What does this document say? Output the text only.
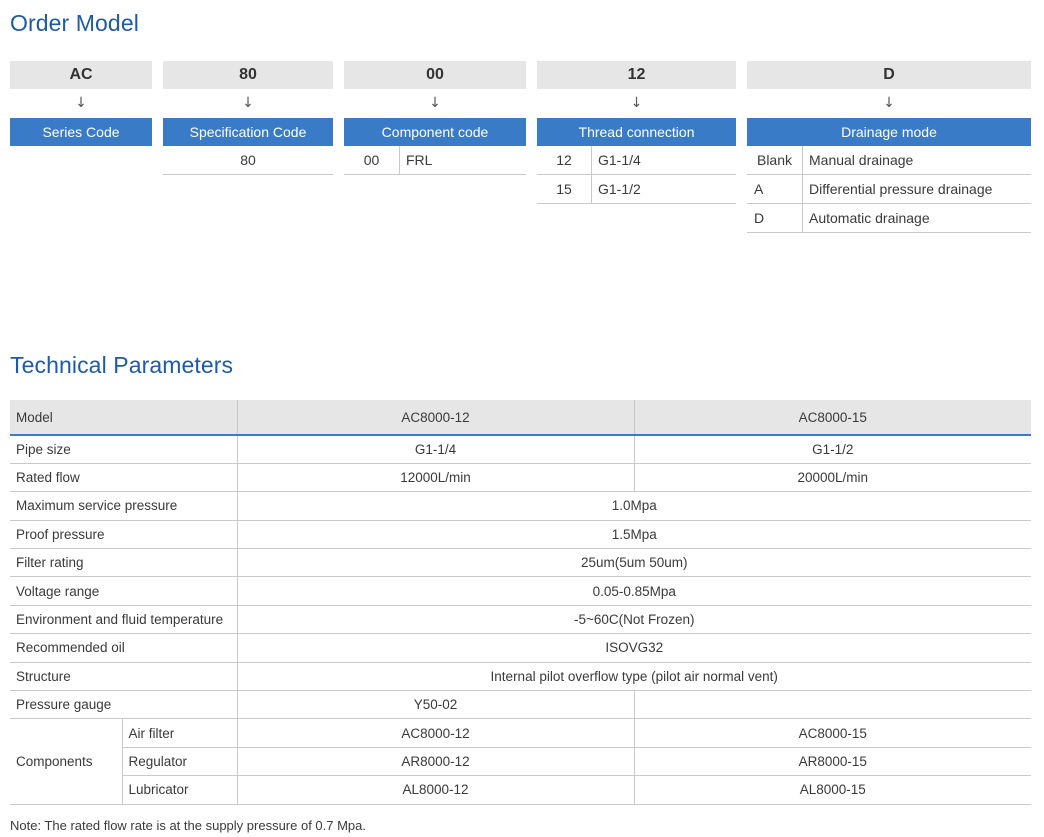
Order Model
AC
↓
Series Code
80
↓
Specification Code
80
00
↓
Component code
00	FRL
12
↓
Thread connection
12	G1-1/4
15	G1-1/2
D
↓
Drainage mode
Blank	Manual drainage
A	Differential pressure drainage
D	Automatic drainage
Technical Parameters
Model		AC8000-12	AC8000-15
Pipe size		G1-1/4	G1-1/2
Rated flow		12000L/min	20000L/min
Maximum service pressure		1.0Mpa	
Proof pressure		1.5Mpa	
Filter rating		25um(5um 50um)	
Voltage range		0.05-0.85Mpa	
Environment and fluid temperature		-5~60C(Not Frozen)	
Recommended oil		ISOVG32	
Structure		Internal pilot overflow type (pilot air normal vent)	
Pressure gauge		Y50-02	
Components	Air filter	AC8000-12	AC8000-15
	Regulator	AR8000-12	AR8000-15
	Lubricator	AL8000-12	AL8000-15
Note: The rated flow rate is at the supply pressure of 0.7 Mpa.
